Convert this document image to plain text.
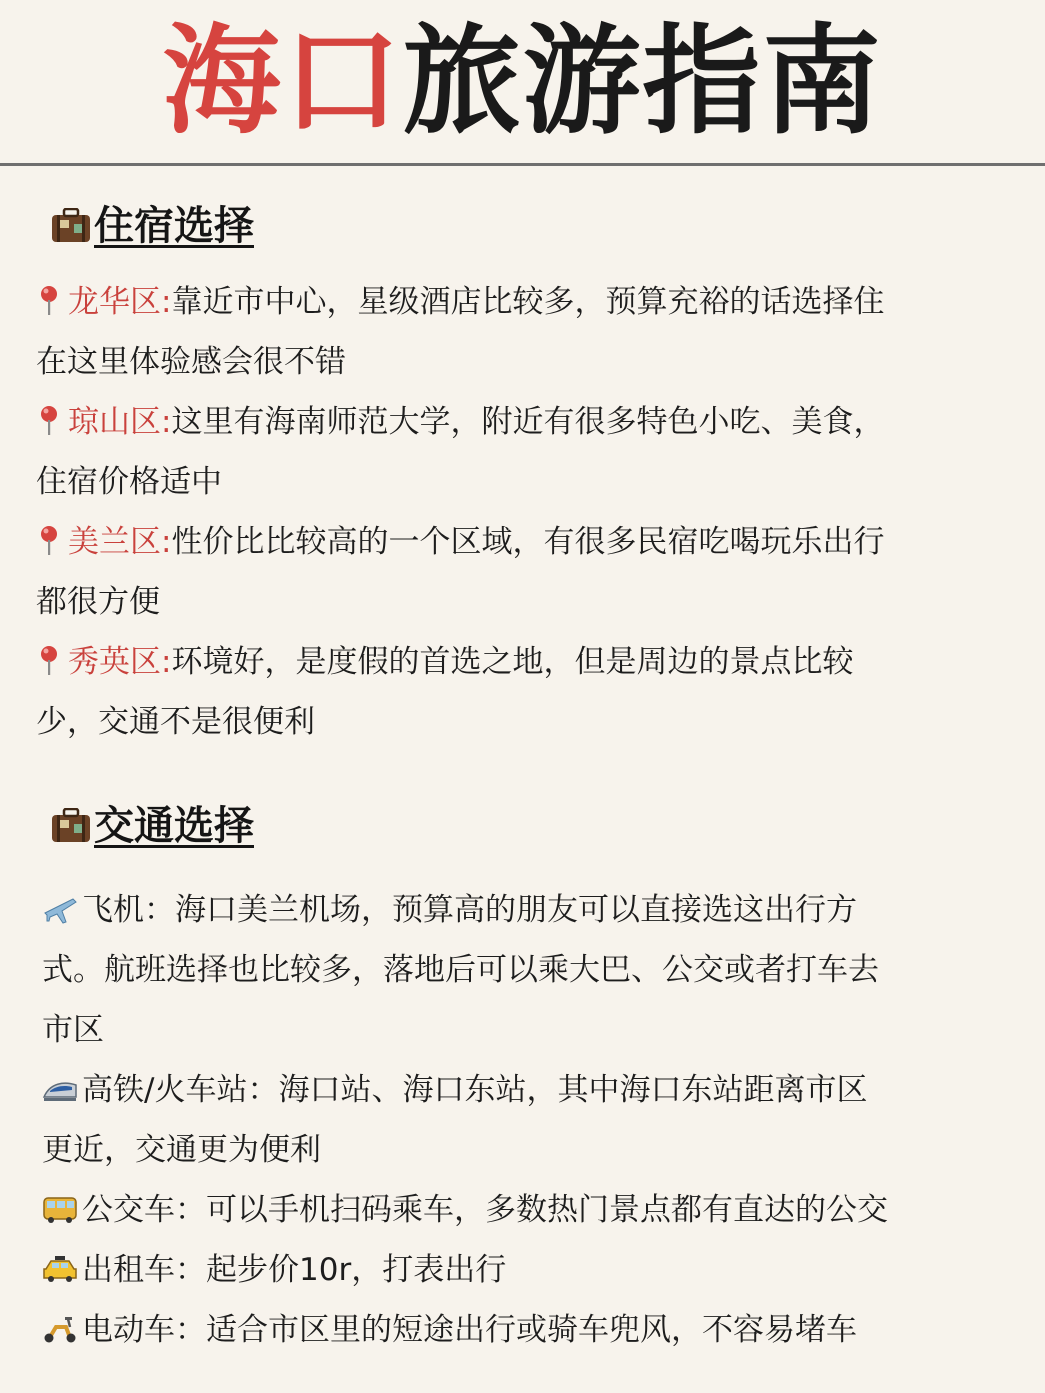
海口旅游指南
住宿选择
龙华区:靠近市中心，星级酒店比较多，预算充裕的话选择住
在这里体验感会很不错
琼山区:这里有海南师范大学，附近有很多特色小吃、美食，
住宿价格适中
美兰区:性价比比较高的一个区域，有很多民宿吃喝玩乐出行
都很方便
秀英区:环境好，是度假的首选之地，但是周边的景点比较
少，交通不是很便利
交通选择
飞机：海口美兰机场，预算高的朋友可以直接选这出行方
式。航班选择也比较多，落地后可以乘大巴、公交或者打车去
市区
高铁/火车站：海口站、海口东站，其中海口东站距离市区
更近，交通更为便利
公交车：可以手机扫码乘车，多数热门景点都有直达的公交
出租车：起步价10r，打表出行
电动车：适合市区里的短途出行或骑车兜风，不容易堵车
